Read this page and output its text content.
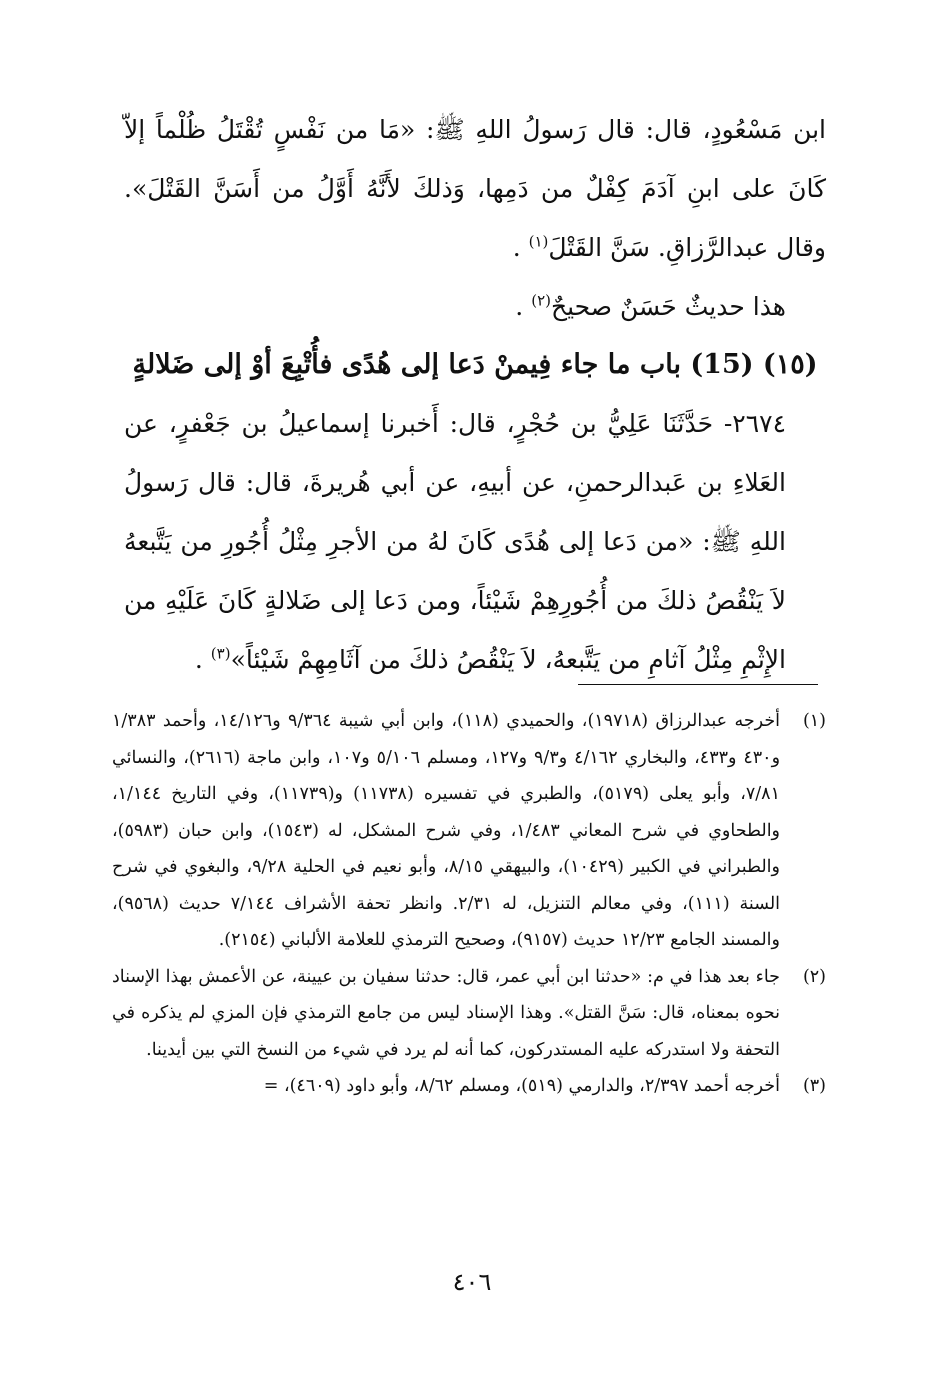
ابن مَسْعُودٍ، قال: قال رَسولُ اللهِ ﷺ: «مَا من نَفْسٍ تُقْتَلُ ظُلْماً إلاّ كَانَ على ابنِ آدَمَ كِفْلٌ من دَمِها، وَذلكَ لأَنَّهُ أَوَّلُ من أَسَنَّ القَتْلَ». وقال عبدالرَّزاقِ. سَنَّ القَتْلَ$^{(١)}$ .

هذا حديثٌ حَسَنٌ صحيحٌ$^{(٢)}$ .

(١٥) (15) باب ما جاء فِيمنْ دَعا إلى هُدًى فأُتْبِعَ أوْ إلى ضَلالةٍ

٢٦٧٤- حَدَّثَنَا عَلِيُّ بن حُجْرٍ، قال: أَخبرنا إسماعيلُ بن جَعْفرٍ، عن العَلاءِ بن عَبدالرحمنِ، عن أبيهِ، عن أبي هُريرةَ، قال: قال رَسولُ اللهِ ﷺ: «من دَعا إلى هُدًى كَانَ لهُ من الأجرِ مِثْلُ أُجُورِ من يَتَّبعهُ لاَ يَنْقُصُ ذلكَ من أُجُورِهِمْ شَيْئاً، ومن دَعا إلى ضَلالةٍ كَانَ عَلَيْهِ من الإِثْمِ مِثْلُ آثامِ من يَتَّبعهُ، لاَ يَنْقُصُ ذلكَ من آثَامِهِمْ شَيْئاً»$^{(٣)}$ .

(١)
أخرجه عبدالرزاق (١٩٧١٨)، والحميدي (١١٨)، وابن أبي شيبة ٩/٣٦٤ و١٤/١٢٦، وأحمد ١/٣٨٣ و٤٣٠ و٤٣٣، والبخاري ٤/١٦٢ و٩/٣ و١٢٧، ومسلم ٥/١٠٦ و١٠٧، وابن ماجة (٢٦١٦)، والنسائي ٧/٨١، وأبو يعلى (٥١٧٩)، والطبري في تفسيره (١١٧٣٨) و(١١٧٣٩)، وفي التاريخ ١/١٤٤، والطحاوي في شرح المعاني ١/٤٨٣، وفي شرح المشكل، له (١٥٤٣)، وابن حبان (٥٩٨٣)، والطبراني في الكبير (١٠٤٢٩)، والبيهقي ٨/١٥، وأبو نعيم في الحلية ٩/٢٨، والبغوي في شرح السنة (١١١)، وفي معالم التنزيل، له ٢/٣١. وانظر تحفة الأشراف ٧/١٤٤ حديث (٩٥٦٨)، والمسند الجامع ١٢/٢٣ حديث (٩١٥٧)، وصحيح الترمذي للعلامة الألباني (٢١٥٤).
(٢)
جاء بعد هذا في م: «حدثنا ابن أبي عمر، قال: حدثنا سفيان بن عيينة، عن الأعمش بهذا الإسناد نحوه بمعناه، قال: سَنَّ القتل». وهذا الإسناد ليس من جامع الترمذي فإن المزي لم يذكره في التحفة ولا استدركه عليه المستدركون، كما أنه لم يرد في شيء من النسخ التي بين أيدينا.
(٣)
أخرجه أحمد ٢/٣٩٧، والدارمي (٥١٩)، ومسلم ٨/٦٢، وأبو داود (٤٦٠٩)، =
٤٠٦
